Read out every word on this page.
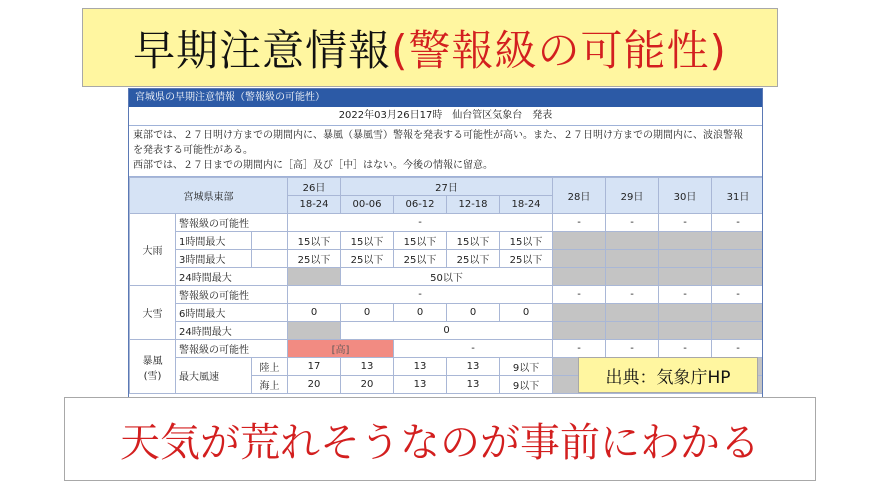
早期注意情報 (警報級の可能性)
宮城県の早期注意情報（警報級の可能性）
2022年03月26日17時　仙台管区気象台　発表
東部では、２７日明け方までの期間内に、暴風（暴風雪）警報を発表する可能性が高い。また、２７日明け方までの期間内に、波浪警報
を発表する可能性がある。
西部では、２７日までの期間内に［高］及び［中］はない。今後の情報に留意。
宮城県東部			26日	27日				28日	29日	30日	31日
			18-24	00-06	06-12	12-18	18-24				
大雨	警報級の可能性		-					-	-	-	-
	1時間最大		15以下	15以下	15以下	15以下	15以下				
	3時間最大		25以下	25以下	25以下	25以下	25以下				
	24時間最大			50以下							
大雪	警報級の可能性		-					-	-	-	-
	6時間最大		0	0	0	0	0				
	24時間最大			0							

暴風
(雪)	警報級の可能性		[高]		-			-	-	-	-
	最大風速	陸上	17	13	13	13	9以下				
		海上	20	20	13	13	9以下					出典：気象庁HP
天気が荒れそうなのが事前にわかる
